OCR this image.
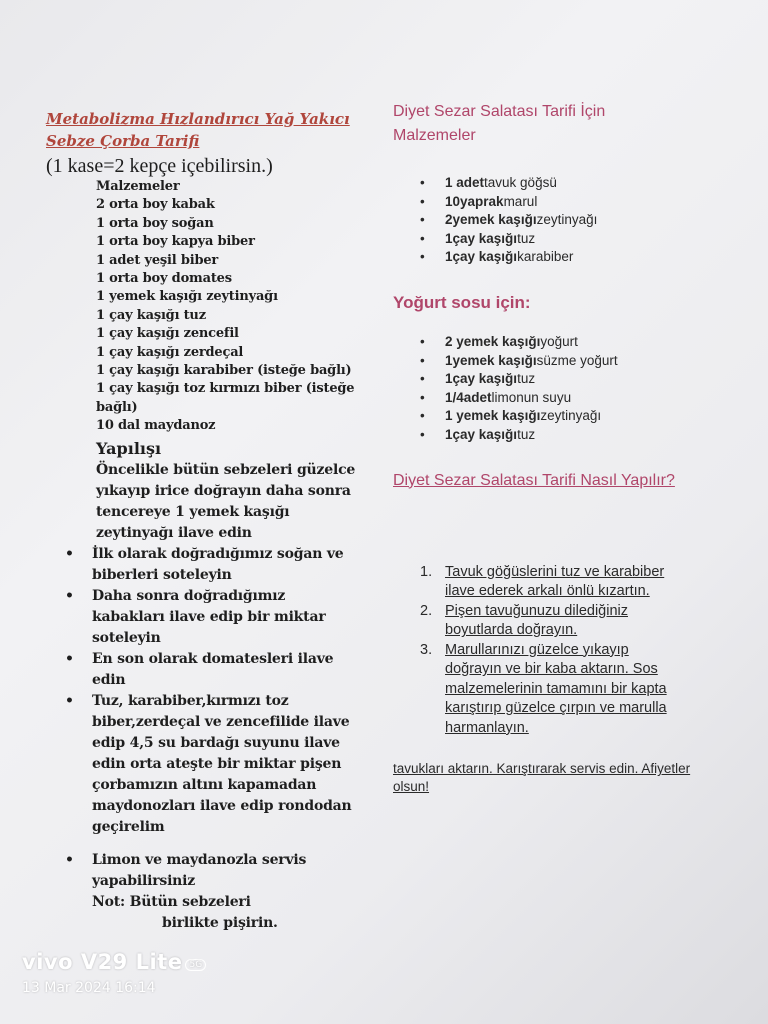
Metabolizma Hızlandırıcı Yağ Yakıcı Sebze Çorba Tarifi
(1 kase=2 kepçe içebilirsin.)
Malzemeler
2 orta boy kabak
1 orta boy soğan
1 orta boy kapya biber
1 adet yeşil biber
1 orta boy domates
1 yemek kaşığı zeytinyağı
1 çay kaşığı tuz
1 çay kaşığı zencefil
1 çay kaşığı zerdeçal
1 çay kaşığı karabiber (isteğe bağlı)
1 çay kaşığı toz kırmızı biber (isteğe bağlı)
10 dal maydanoz
Yapılışı
Öncelikle bütün sebzeleri güzelce yıkayıp irice doğrayın daha sonra tencereye 1 yemek kaşığı zeytinyağı ilave edin
• İlk olarak doğradığımız soğan ve biberleri soteleyin
• Daha sonra doğradığımız kabakları ilave edip bir miktar soteleyin
• En son olarak domatesleri ilave edin
• Tuz, karabiber,kırmızı toz biber,zerdeçal ve zencefilide ilave edip 4,5 su bardağı suyunu ilave edin orta ateşte bir miktar pişen çorbamızın altını kapamadan maydonozları ilave edip rondodan geçirelim
• Limon ve maydanozla servis yapabilirsiniz
Not: Bütün sebzeleri
birlikte pişirin.
Diyet Sezar Salatası Tarifi İçin Malzemeler
• 1 adettavuk göğsü
• 10yaprakmarul
• 2yemek kaşığızeytinyağı
• 1çay kaşığıtuz
• 1çay kaşığıkarabiber
Yoğurt sosu için:
• 2 yemek kaşığıyoğurt
• 1yemek kaşığısüzme yoğurt
• 1çay kaşığıtuz
• 1/4adetlimonun suyu
• 1 yemek kaşığızeytinyağı
• 1çay kaşığıtuz
Diyet Sezar Salatası Tarifi Nasıl Yapılır?
1. Tavuk göğüslerini tuz ve karabiber ilave ederek arkalı önlü kızartın.
2. Pişen tavuğunuzu dilediğiniz boyutlarda doğrayın.
3. Marullarınızı güzelce yıkayıp doğrayın ve bir kaba aktarın. Sos malzemelerinin tamamını bir kapta karıştırıp güzelce çırpın ve marulla harmanlayın.
tavukları aktarın. Karıştırarak servis edin. Afiyetler olsun!
vivo V29 Lite 5G
13 Mar 2024 16:14
